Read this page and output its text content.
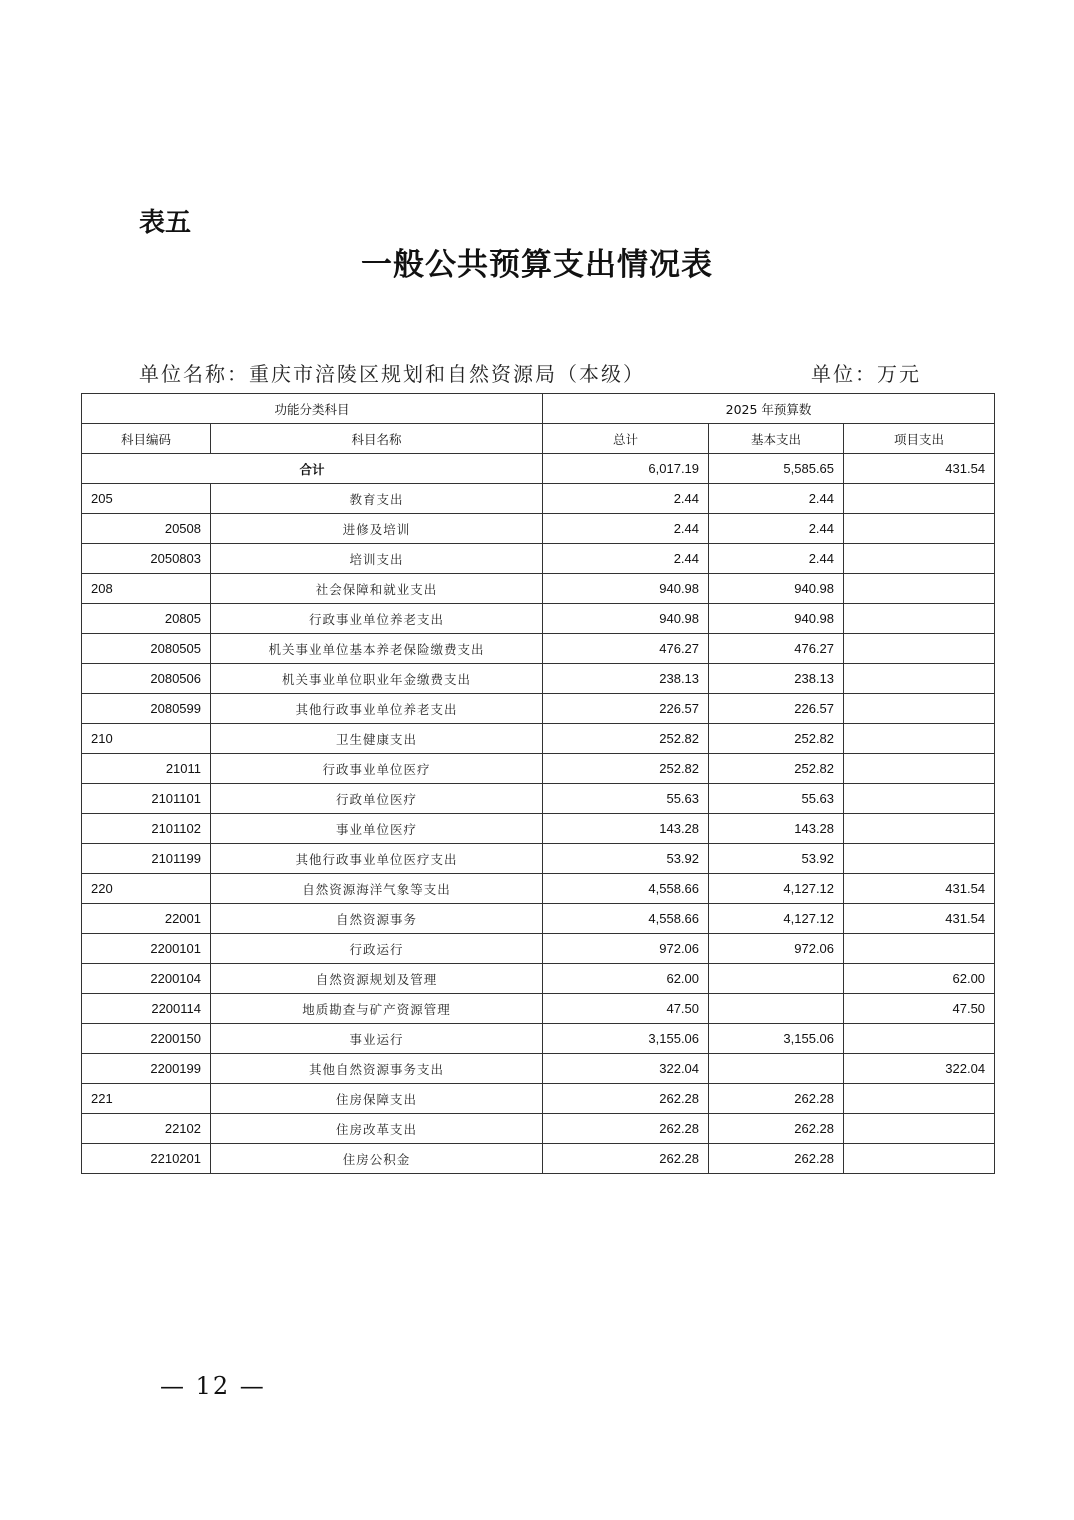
表五
一般公共预算支出情况表
单位名称：重庆市涪陵区规划和自然资源局（本级）	单位：万元
功能分类科目		2025 年预算数		
科目编码	科目名称	总计	基本支出	项目支出
合计		6,017.19	5,585.65	431.54
205	教育支出	2.44	2.44	
20508	进修及培训	2.44	2.44	
2050803	培训支出	2.44	2.44	
208	社会保障和就业支出	940.98	940.98	
20805	行政事业单位养老支出	940.98	940.98	
2080505	机关事业单位基本养老保险缴费支出	476.27	476.27	
2080506	机关事业单位职业年金缴费支出	238.13	238.13	
2080599	其他行政事业单位养老支出	226.57	226.57	
210	卫生健康支出	252.82	252.82	
21011	行政事业单位医疗	252.82	252.82	
2101101	行政单位医疗	55.63	55.63	
2101102	事业单位医疗	143.28	143.28	
2101199	其他行政事业单位医疗支出	53.92	53.92	
220	自然资源海洋气象等支出	4,558.66	4,127.12	431.54
22001	自然资源事务	4,558.66	4,127.12	431.54
2200101	行政运行	972.06	972.06	
2200104	自然资源规划及管理	62.00		62.00
2200114	地质勘查与矿产资源管理	47.50		47.50
2200150	事业运行	3,155.06	3,155.06	
2200199	其他自然资源事务支出	322.04		322.04
221	住房保障支出	262.28	262.28	
22102	住房改革支出	262.28	262.28	
2210201	住房公积金	262.28	262.28	
— 12 —
